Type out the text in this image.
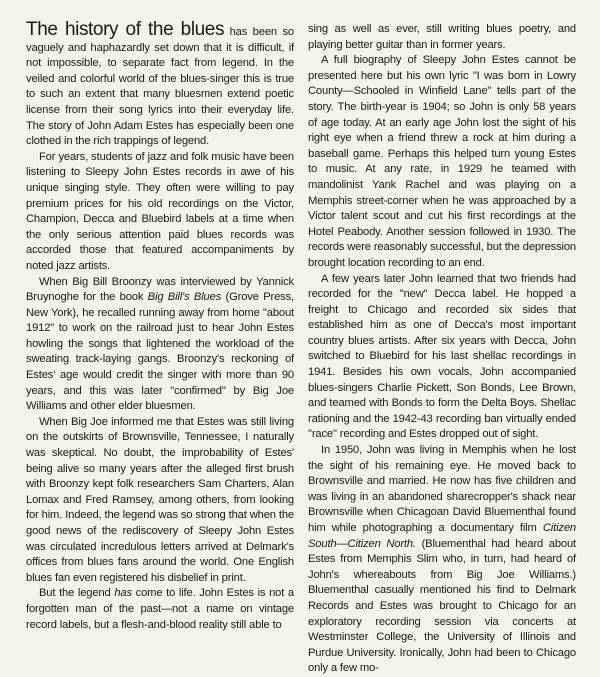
The history of the blues has been so vaguely and haphazardly set down that it is difficult, if not impossible, to separate fact from legend. In the veiled and colorful world of the blues-singer this is true to such an extent that many bluesmen extend poetic license from their song lyrics into their everyday life. The story of John Adam Estes has especially been one clothed in the rich trappings of legend.

For years, students of jazz and folk music have been listening to Sleepy John Estes records in awe of his unique singing style. They often were willing to pay premium prices for his old recordings on the Victor, Champion, Decca and Bluebird labels at a time when the only serious attention paid blues records was accorded those that featured accompaniments by noted jazz artists.

When Big Bill Broonzy was interviewed by Yannick Bruynoghe for the book Big Bill's Blues (Grove Press, New York), he recalled running away from home "about 1912" to work on the railroad just to hear John Estes howling the songs that lightened the workload of the sweating track-laying gangs. Broonzy's reckoning of Estes' age would credit the singer with more than 90 years, and this was later "confirmed" by Big Joe Williams and other elder bluesmen.

When Big Joe informed me that Estes was still living on the outskirts of Brownsville, Tennessee, I naturally was skeptical. No doubt, the improbability of Estes' being alive so many years after the alleged first brush with Broonzy kept folk researchers Sam Charters, Alan Lomax and Fred Ramsey, among others, from looking for him. Indeed, the legend was so strong that when the good news of the rediscovery of Sleepy John Estes was circulated incredulous letters arrived at Delmark's offices from blues fans around the world. One English blues fan even registered his disbelief in print.

But the legend has come to life. John Estes is not a forgotten man of the past—not a name on vintage record labels, but a flesh-and-blood reality still able to

sing as well as ever, still writing blues poetry, and playing better guitar than in former years.

A full biography of Sleepy John Estes cannot be presented here but his own lyric "I was born in Lowry County—Schooled in Winfield Lane" tells part of the story. The birth-year is 1904; so John is only 58 years of age today. At an early age John lost the sight of his right eye when a friend threw a rock at him during a baseball game. Perhaps this helped turn young Estes to music. At any rate, in 1929 he teamed with mandolinist Yank Rachel and was playing on a Memphis street-corner when he was approached by a Victor talent scout and cut his first recordings at the Hotel Peabody. Another session followed in 1930. The records were reasonably successful, but the depression brought location recording to an end.

A few years later John learned that two friends had recorded for the "new" Decca label. He hopped a freight to Chicago and recorded six sides that established him as one of Decca's most important country blues artists. After six years with Decca, John switched to Bluebird for his last shellac recordings in 1941. Besides his own vocals, John accompanied blues-singers Charlie Pickett, Son Bonds, Lee Brown, and teamed with Bonds to form the Delta Boys. Shellac rationing and the 1942-43 recording ban virtually ended "race" recording and Estes dropped out of sight.

In 1950, John was living in Memphis when he lost the sight of his remaining eye. He moved back to Brownsville and married. He now has five children and was living in an abandoned sharecropper's shack near Brownsville when Chicagoan David Bluementhal found him while photographing a documentary film Citizen South—Citizen North. (Bluementhal had heard about Estes from Memphis Slim who, in turn, had heard of John's whereabouts from Big Joe Williams.) Bluementhal casually mentioned his find to Delmark Records and Estes was brought to Chicago for an exploratory recording session via concerts at Westminster College, the University of Illinois and Purdue University. Ironically, John had been to Chicago only a few mo-
